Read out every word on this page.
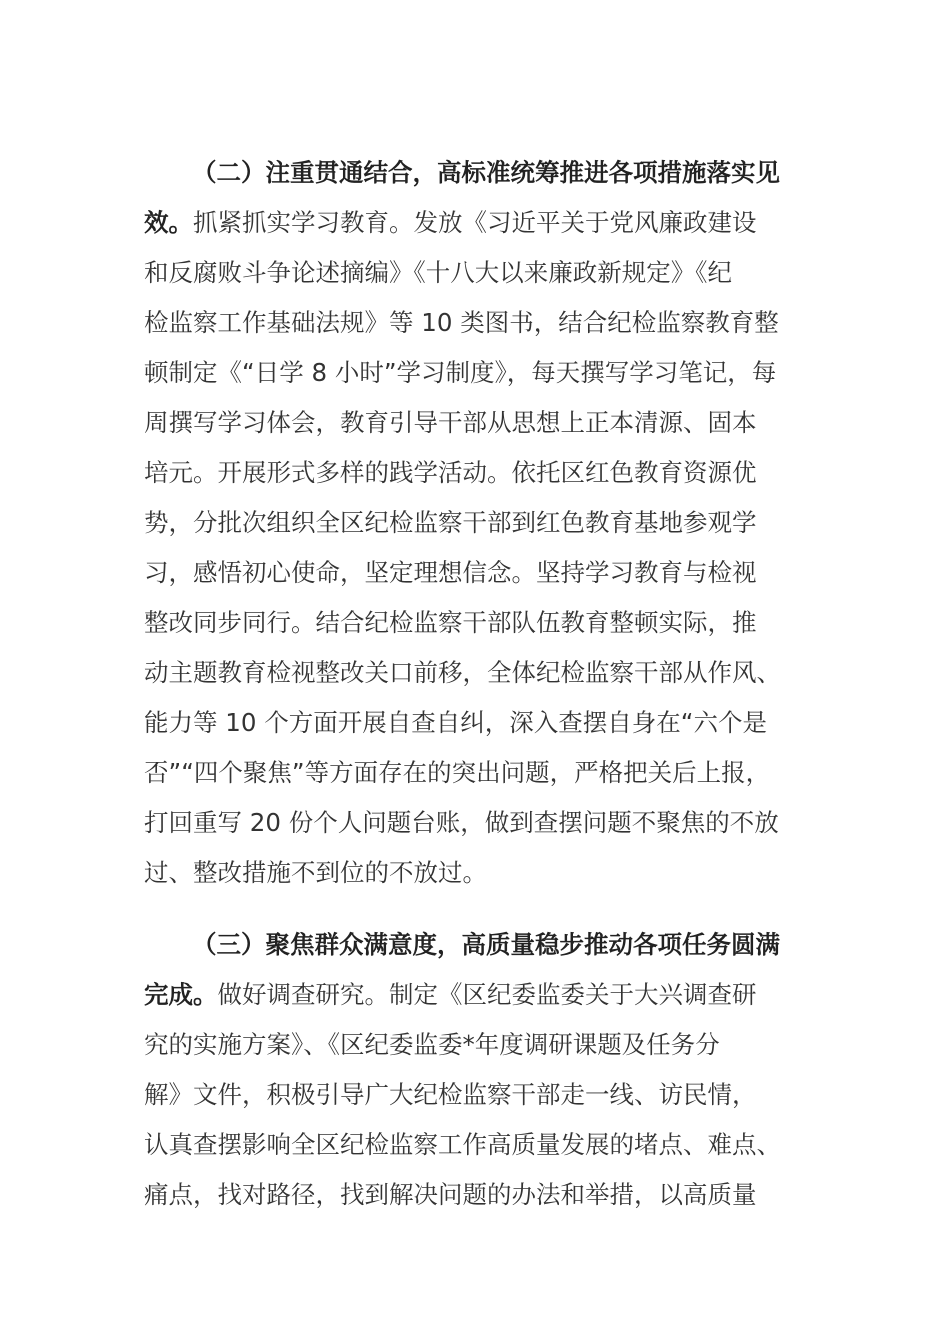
（二）注重贯通结合，高标准统筹推进各项措施落实见
效。抓紧抓实学习教育。发放《习近平关于党风廉政建设
和反腐败斗争论述摘编》《十八大以来廉政新规定》《纪
检监察工作基础法规》等 10 类图书，结合纪检监察教育整
顿制定《“日学 8 小时”学习制度》，每天撰写学习笔记，每
周撰写学习体会，教育引导干部从思想上正本清源、固本
培元。开展形式多样的践学活动。依托区红色教育资源优
势，分批次组织全区纪检监察干部到红色教育基地参观学
习，感悟初心使命，坚定理想信念。坚持学习教育与检视
整改同步同行。结合纪检监察干部队伍教育整顿实际，推
动主题教育检视整改关口前移，全体纪检监察干部从作风、
能力等 10 个方面开展自查自纠，深入查摆自身在“六个是
否”“四个聚焦”等方面存在的突出问题，严格把关后上报，
打回重写 20 份个人问题台账，做到查摆问题不聚焦的不放
过、整改措施不到位的不放过。
（三）聚焦群众满意度，高质量稳步推动各项任务圆满
完成。做好调查研究。制定《区纪委监委关于大兴调查研
究的实施方案》、《区纪委监委*年度调研课题及任务分
解》文件，积极引导广大纪检监察干部走一线、访民情，
认真查摆影响全区纪检监察工作高质量发展的堵点、难点、
痛点，找对路径，找到解决问题的办法和举措，以高质量
